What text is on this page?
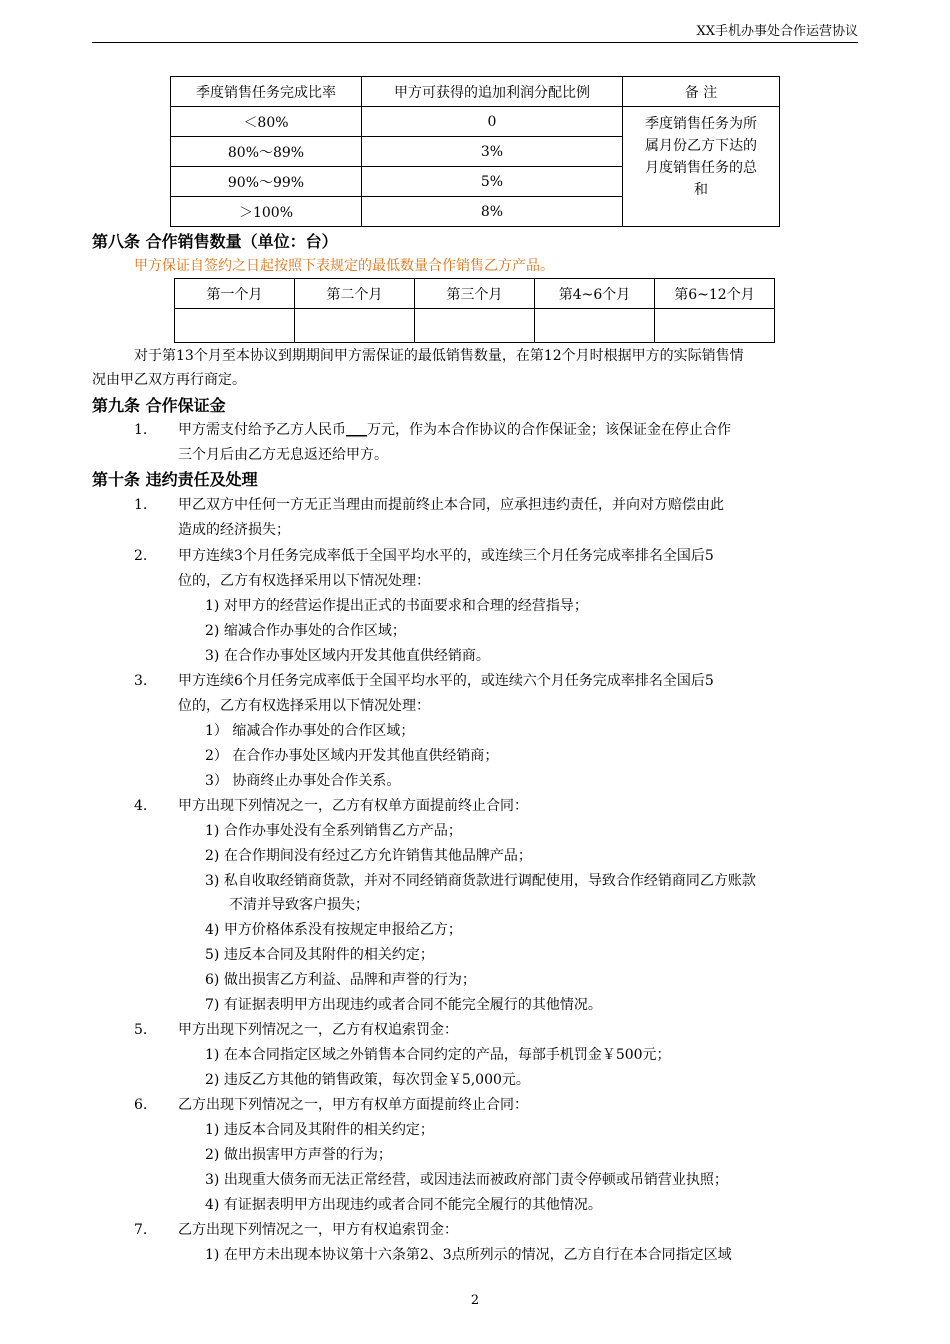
XX手机办事处合作运营协议
季度销售任务完成比率	甲方可获得的追加利润分配比例	备 注
＜80%	0	季度销售任务为所
属月份乙方下达的
月度销售任务的总
和

80%～89%	3%	
90%～99%	5%	
＞100%	8%	
第八条 合作销售数量（单位：台）
甲方保证自签约之日起按照下表规定的最低数量合作销售乙方产品。
第一个月	第二个月	第三个月	第4~6个月	第6~12个月

对于第13个月至本协议到期期间甲方需保证的最低销售数量，在第12个月时根据甲方的实际销售情
况由甲乙双方再行商定。
第九条 合作保证金
1. 甲方需支付给予乙方人民币___万元，作为本合作协议的合作保证金；该保证金在停止合作
三个月后由乙方无息返还给甲方。
第十条 违约责任及处理
1. 甲乙双方中任何一方无正当理由而提前终止本合同，应承担违约责任，并向对方赔偿由此
造成的经济损失；
2. 甲方连续3个月任务完成率低于全国平均水平的，或连续三个月任务完成率排名全国后5
位的，乙方有权选择采用以下情况处理：
1) 对甲方的经营运作提出正式的书面要求和合理的经营指导；
2) 缩减合作办事处的合作区域；
3) 在合作办事处区域内开发其他直供经销商。
3. 甲方连续6个月任务完成率低于全国平均水平的，或连续六个月任务完成率排名全国后5
位的，乙方有权选择采用以下情况处理：
1） 缩减合作办事处的合作区域；
2） 在合作办事处区域内开发其他直供经销商；
3） 协商终止办事处合作关系。
4. 甲方出现下列情况之一，乙方有权单方面提前终止合同：
1) 合作办事处没有全系列销售乙方产品；
2) 在合作期间没有经过乙方允许销售其他品牌产品；
3) 私自收取经销商货款，并对不同经销商货款进行调配使用，导致合作经销商同乙方账款
不清并导致客户损失；
4) 甲方价格体系没有按规定申报给乙方；
5) 违反本合同及其附件的相关约定；
6) 做出损害乙方利益、品牌和声誉的行为；
7) 有证据表明甲方出现违约或者合同不能完全履行的其他情况。
5. 甲方出现下列情况之一，乙方有权追索罚金：
1) 在本合同指定区域之外销售本合同约定的产品，每部手机罚金￥500元；
2) 违反乙方其他的销售政策，每次罚金￥5,000元。
6. 乙方出现下列情况之一，甲方有权单方面提前终止合同：
1) 违反本合同及其附件的相关约定；
2) 做出损害甲方声誉的行为；
3) 出现重大债务而无法正常经营，或因违法而被政府部门责令停顿或吊销营业执照；
4) 有证据表明甲方出现违约或者合同不能完全履行的其他情况。
7. 乙方出现下列情况之一，甲方有权追索罚金：
1) 在甲方未出现本协议第十六条第2、3点所列示的情况，乙方自行在本合同指定区域
2
